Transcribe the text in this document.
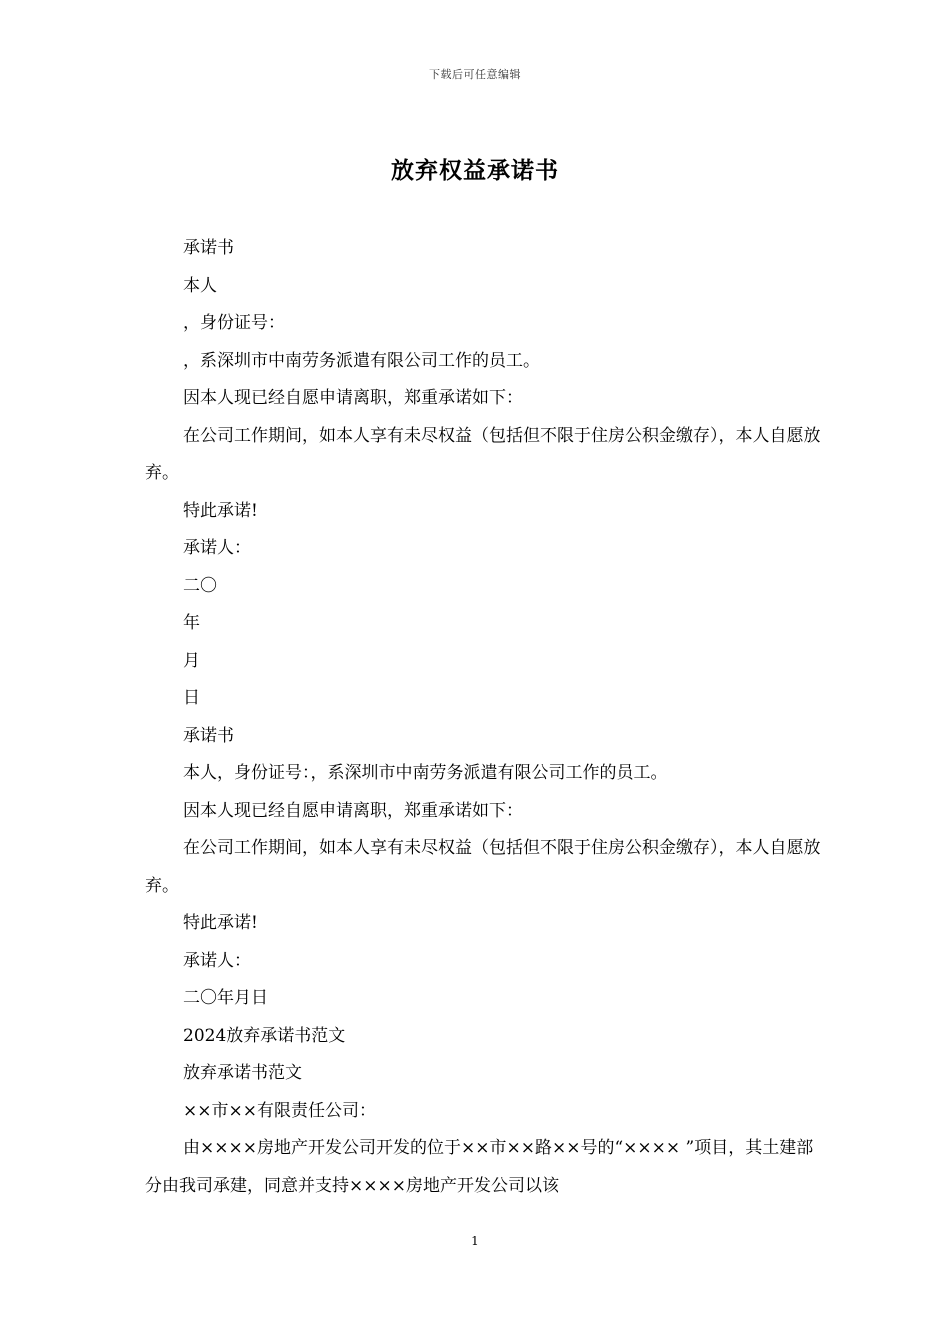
下载后可任意编辑
放弃权益承诺书

承诺书

本人

，身份证号：

，系深圳市中南劳务派遣有限公司工作的员工。

因本人现已经自愿申请离职，郑重承诺如下：

在公司工作期间，如本人享有未尽权益（包括但不限于住房公积金缴存），本人自愿放弃。

特此承诺!

承诺人：

二〇

年

月

日

承诺书

本人，身份证号：，系深圳市中南劳务派遣有限公司工作的员工。

因本人现已经自愿申请离职，郑重承诺如下：

在公司工作期间，如本人享有未尽权益（包括但不限于住房公积金缴存），本人自愿放弃。

特此承诺!

承诺人：

二〇年月日

2024放弃承诺书范文

放弃承诺书范文

××市××有限责任公司：

由××××房地产开发公司开发的位于××市××路××号的“×××× ”项目，其土建部分由我司承建，同意并支持××××房地产开发公司以该

1
